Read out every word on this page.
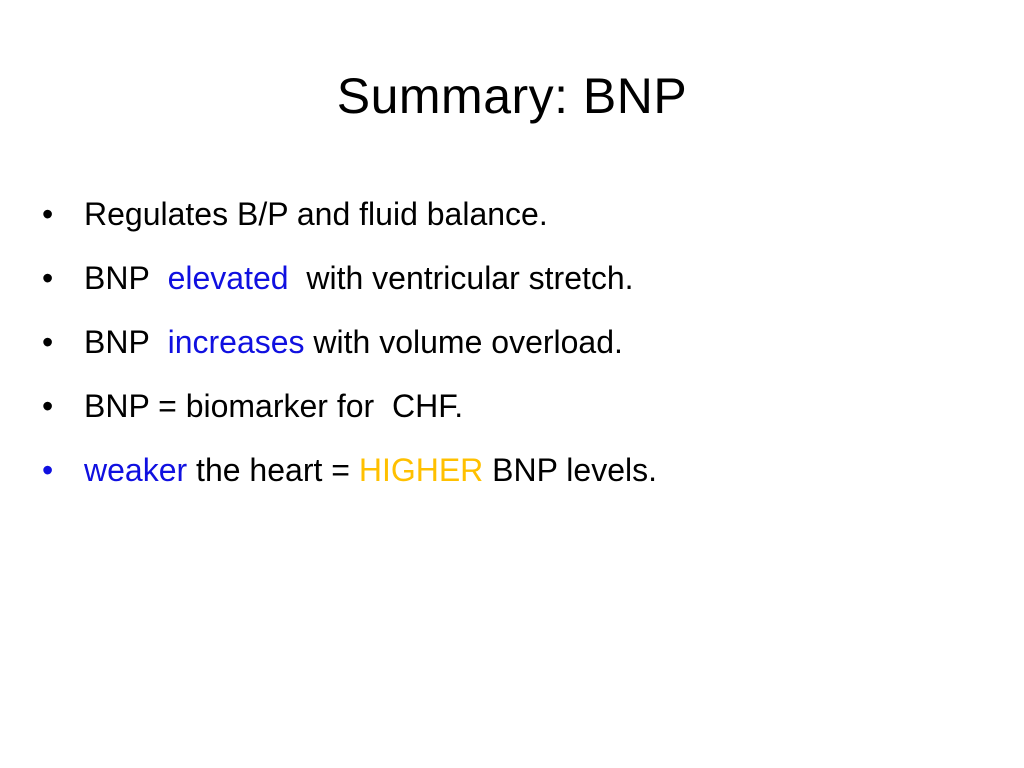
Summary: BNP
• Regulates B/P and fluid balance.
• BNP  elevated  with ventricular stretch.
• BNP  increases with volume overload.
• BNP = biomarker for  CHF.
• weaker the heart = HIGHER BNP levels.
